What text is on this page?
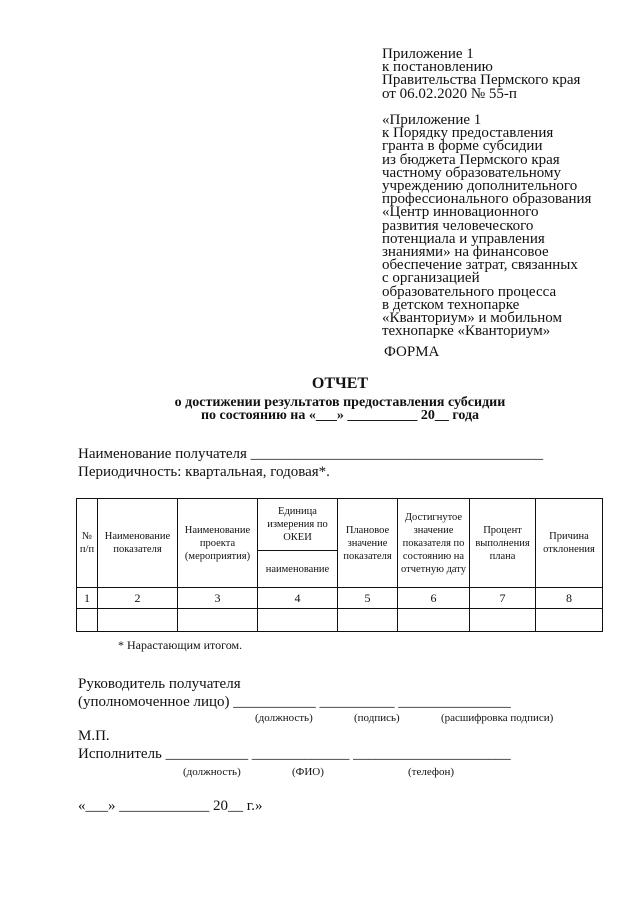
Приложение 1
к постановлению
Правительства Пермского края
от 06.02.2020 № 55-п
«Приложение 1
к Порядку предоставления
гранта в форме субсидии
из бюджета Пермского края
частному образовательному
учреждению дополнительного
профессионального образования
«Центр инновационного
развития человеческого
потенциала и управления
знаниями» на финансовое
обеспечение затрат, связанных
с организацией
образовательного процесса
в детском технопарке
«Кванториум» и мобильном
технопарке «Кванториум»
ФОРМА
ОТЧЕТ
о достижении результатов предоставления субсидии
по состоянию на «___» __________ 20__ года
Наименование получателя _______________________________________
Периодичность: квартальная, годовая*.
№ п/п	Наименование показателя	Наименование проекта (мероприятия)	Единица измерения по ОКЕИ	Плановое значение показателя	Достигнутое значение показателя по состоянию на отчетную дату	Процент выполнения плана	Причина отклонения
			наименование				
1	2	3	4	5	6	7	8

* Нарастающим итогом.
Руководитель получателя
(уполномоченное лицо) ___________ __________ _______________
(должность)	(подпись)	(расшифровка подписи)
М.П.
Исполнитель ___________ _____________ _____________________
(должность)	(ФИО)	(телефон)
«___» ____________ 20__ г.»
